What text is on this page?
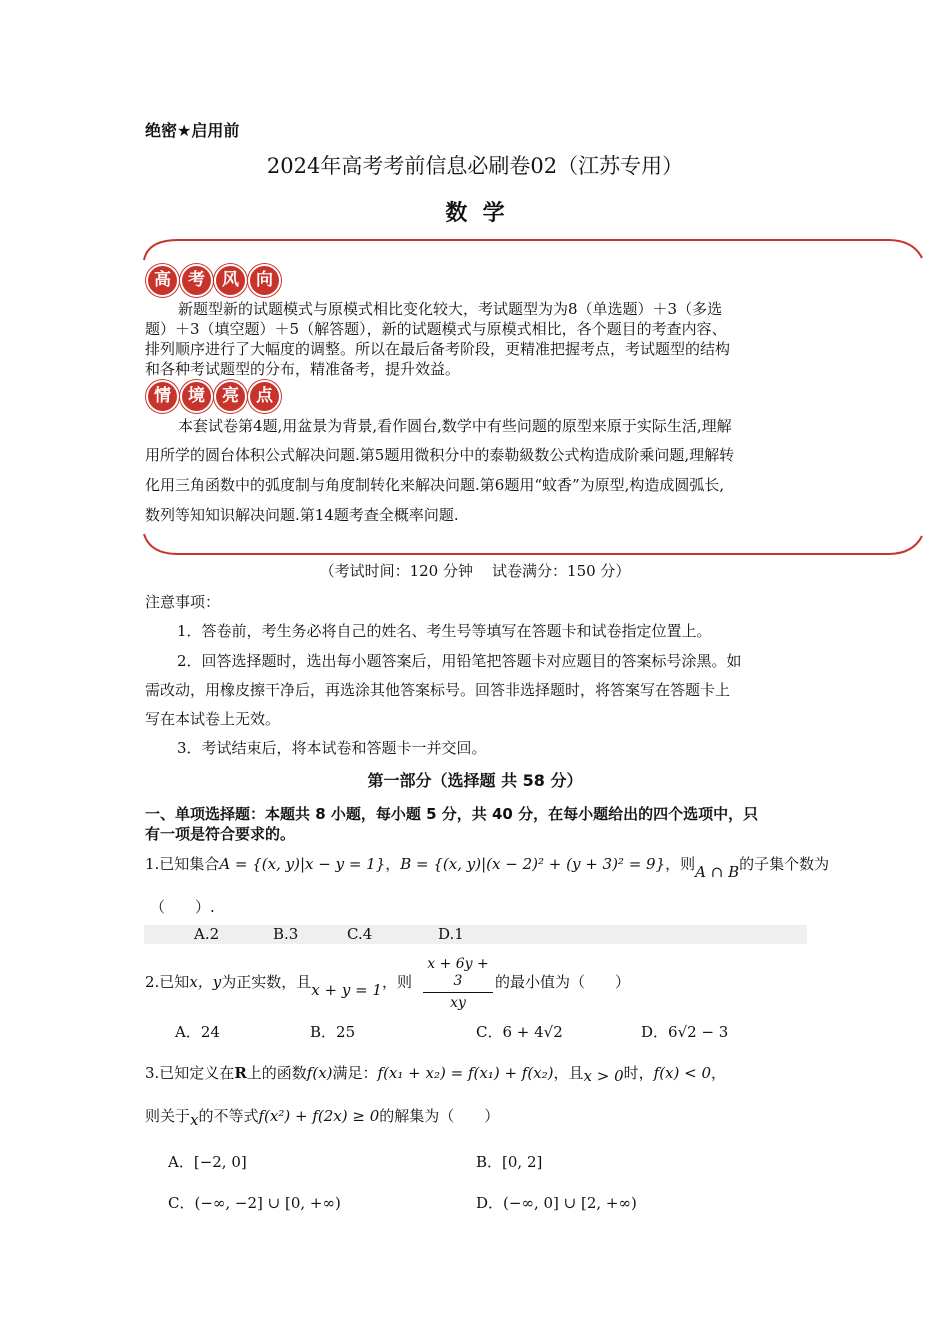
绝密★启用前
2024年高考考前信息必刷卷02（江苏专用）
数  学
高	考	风	向
新题型新的试题模式与原模式相比变化较大，考试题型为为8（单选题）＋3（多选
题）＋3（填空题）＋5（解答题），新的试题模式与原模式相比，各个题目的考查内容、
排列顺序进行了大幅度的调整。所以在最后备考阶段，更精准把握考点，考试题型的结构
和各种考试题型的分布，精准备考，提升效益。
情	境	亮	点
本套试卷第4题,用盆景为背景,看作圆台,数学中有些问题的原型来原于实际生活,理解
用所学的圆台体积公式解决问题.第5题用微积分中的泰勒級数公式构造成阶乘问题,理解转
化用三角函数中的弧度制与角度制转化来解决问题.第6题用“蚊香”为原型,构造成圆弧长,
数列等知知识解决问题.第14题考查全概率问题.
（考试时间：120 分钟    试卷满分：150 分）
注意事项：
1．答卷前，考生务必将自己的姓名、考生号等填写在答题卡和试卷指定位置上。
2．回答选择题时，选出每小题答案后，用铅笔把答题卡对应题目的答案标号涂黑。如
需改动，用橡皮擦干净后，再选涂其他答案标号。回答非选择题时，将答案写在答题卡上
写在本试卷上无效。
3．考试结束后，将本试卷和答题卡一并交回。
第一部分（选择题 共 58 分）
一、单项选择题：本题共 8 小题，每小题 5 分，共 40 分，在每小题给出的四个选项中，只
有一项是符合要求的。
1.已知集合A = {(x, y)|x − y = 1}，B = {(x, y)|(x − 2)² + (y + 3)² = 9}，则A ∩ B的子集个数为
（　　）.
A.2	B.3	C.4	D.1
2.已知x，y为正实数，且x + y = 1，则
x + 6y + 3
xy
的最小值为（　　）
A．24	B．25	C．6 + 4√2	D．6√2 − 3
3.已知定义在R上的函数f(x)满足：f(x₁ + x₂) = f(x₁) + f(x₂)，且x > 0时，f(x) < 0，
则关于x的不等式f(x²) + f(2x) ≥ 0的解集为（　　）
A．[−2, 0]	B．[0, 2]
C．(−∞, −2] ∪ [0, +∞)	D．(−∞, 0] ∪ [2, +∞)
